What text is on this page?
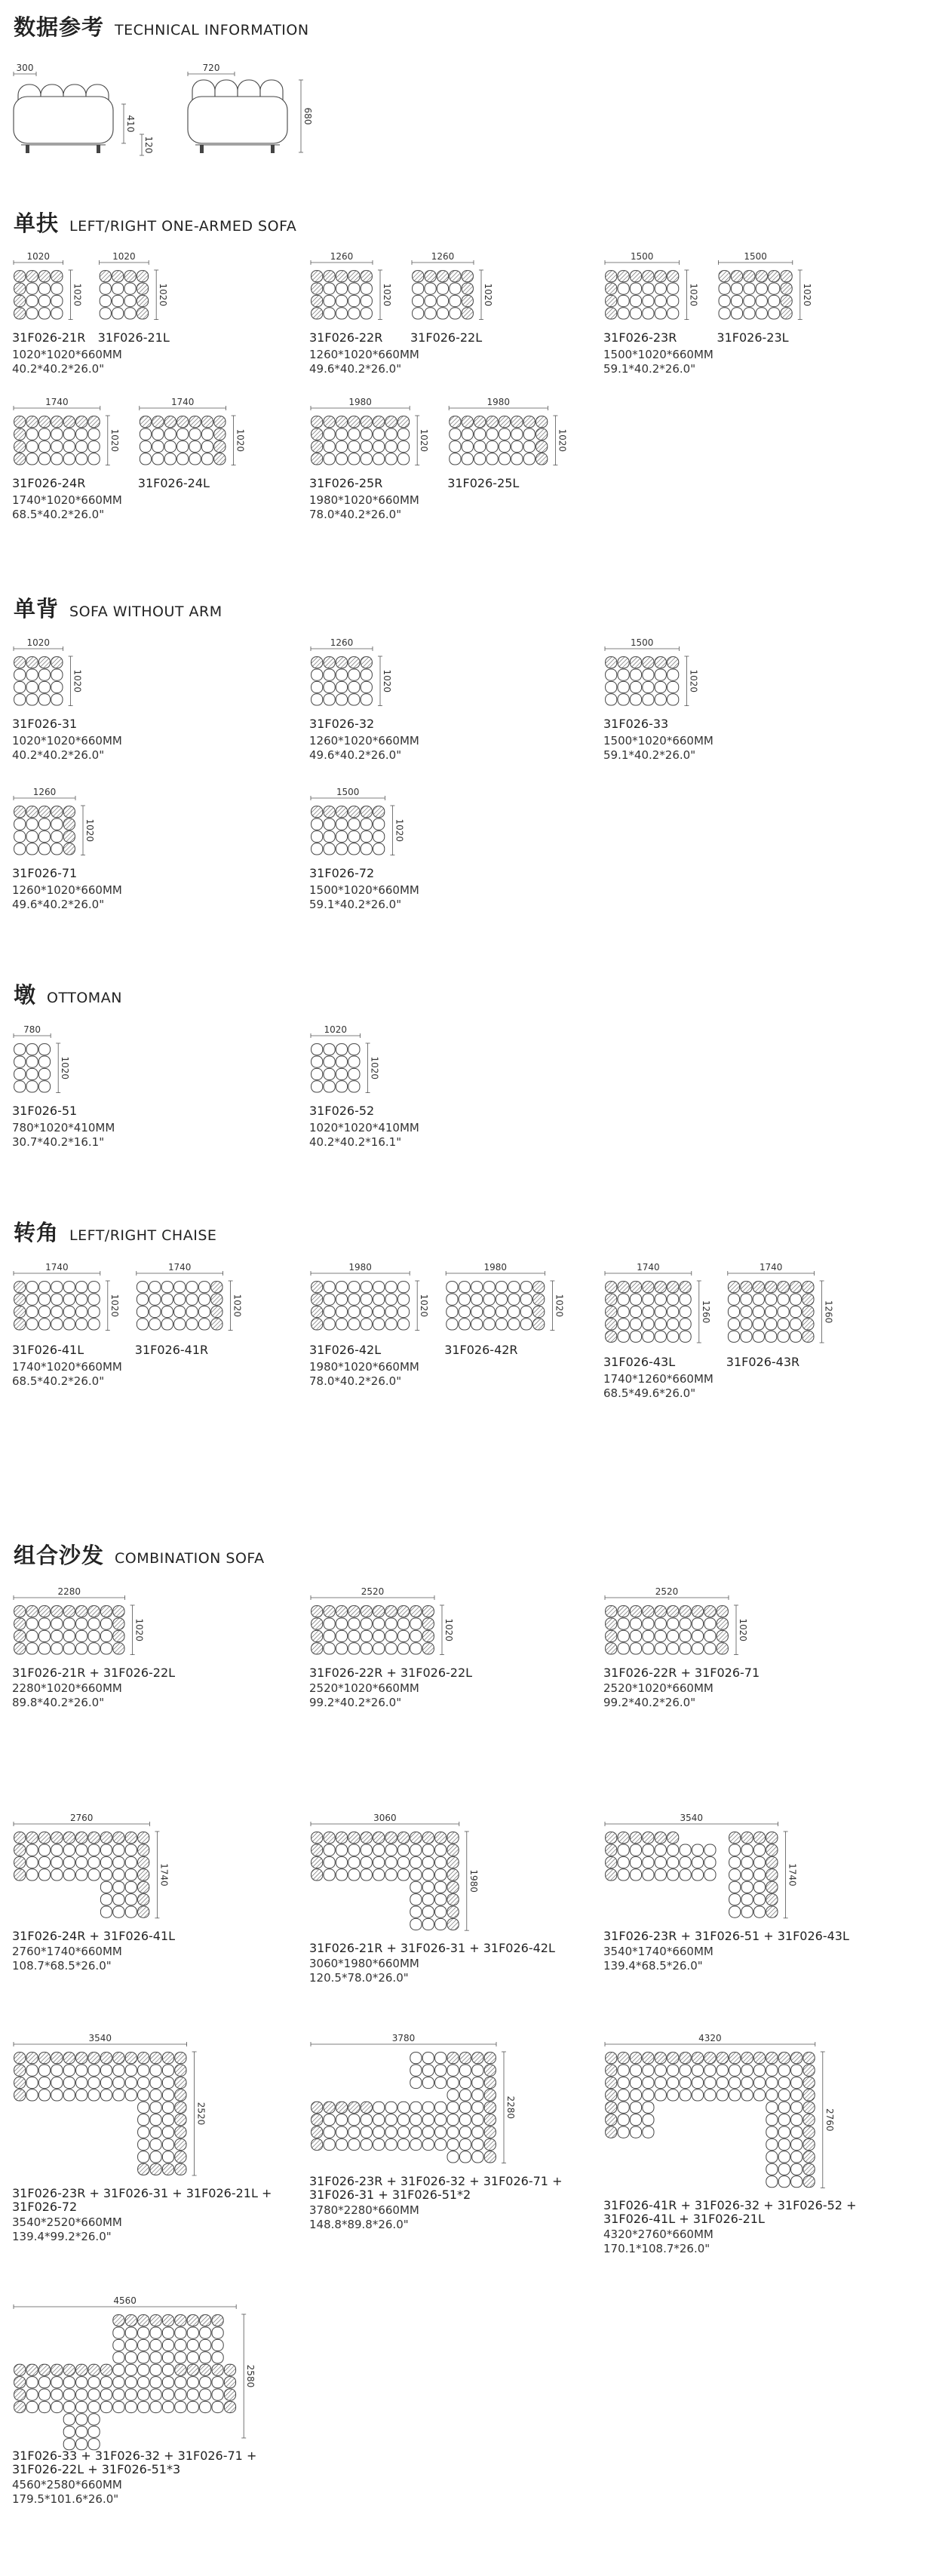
数据参考 TECHNICAL INFORMATION
300
410
120
720
680
单扶 LEFT/RIGHT ONE-ARMED SOFA
1020
1020
1020
1020
31F026-21R 31F026-21L
1020*1020*660MM
40.2*40.2*26.0"
1260
1020
1260
1020
31F026-22R 31F026-22L
1260*1020*660MM
49.6*40.2*26.0"
1500
1020
1500
1020
31F026-23R	31F026-23L
1500*1020*660MM
59.1*40.2*26.0"
1740
1020
1740
1020
31F026-24R	31F026-24L
1740*1020*660MM
68.5*40.2*26.0"
1980
1020
1980
1020
31F026-25R	31F026-25L
1980*1020*660MM
78.0*40.2*26.0"
单背 SOFA WITHOUT ARM
1020
1020
31F026-31
1020*1020*660MM
40.2*40.2*26.0"
1260
1020
31F026-32
1260*1020*660MM
49.6*40.2*26.0"
1500
1020
31F026-33
1500*1020*660MM
59.1*40.2*26.0"
1260
1020
31F026-71
1260*1020*660MM
49.6*40.2*26.0"
1500
1020
31F026-72
1500*1020*660MM
59.1*40.2*26.0"
墩OTTOMAN
780
1020
31F026-51
780*1020*410MM
30.7*40.2*16.1"
1020
1020
31F026-52
1020*1020*410MM
40.2*40.2*16.1"
转角 LEFT/RIGHT CHAISE
1740
1020
1740
1020
31F026-41L	31F026-41R
1740*1020*660MM
68.5*40.2*26.0"
1980
1020
1980
1020
31F026-42L	31F026-42R
1980*1020*660MM
78.0*40.2*26.0"
1740
1260
1740
1260
31F026-43L	31F026-43R
1740*1260*660MM
68.5*49.6*26.0"
组合沙发 COMBINATION SOFA
2280
1020
31F026-21R + 31F026-22L
2280*1020*660MM
89.8*40.2*26.0"
2520
1020
31F026-22R + 31F026-22L
2520*1020*660MM
99.2*40.2*26.0"
2520
1020
31F026-22R + 31F026-71
2520*1020*660MM
99.2*40.2*26.0"
2760
1740
31F026-24R + 31F026-41L
2760*1740*660MM
108.7*68.5*26.0"
3060
1980
31F026-21R + 31F026-31 + 31F026-42L
3060*1980*660MM
120.5*78.0*26.0"
3540
1740
31F026-23R + 31F026-51 + 31F026-43L
3540*1740*660MM
139.4*68.5*26.0"
3540
2520
31F026-23R + 31F026-31 + 31F026-21L +
31F026-72
3540*2520*660MM
139.4*99.2*26.0"
3780
2280
31F026-23R + 31F026-32 + 31F026-71 +
31F026-31 + 31F026-51*2
3780*2280*660MM
148.8*89.8*26.0"
4320
2760
31F026-41R + 31F026-32 + 31F026-52 +
31F026-41L + 31F026-21L
4320*2760*660MM
170.1*108.7*26.0"
4560
2580
31F026-33 + 31F026-32 + 31F026-71 +
31F026-22L + 31F026-51*3
4560*2580*660MM
179.5*101.6*26.0"
